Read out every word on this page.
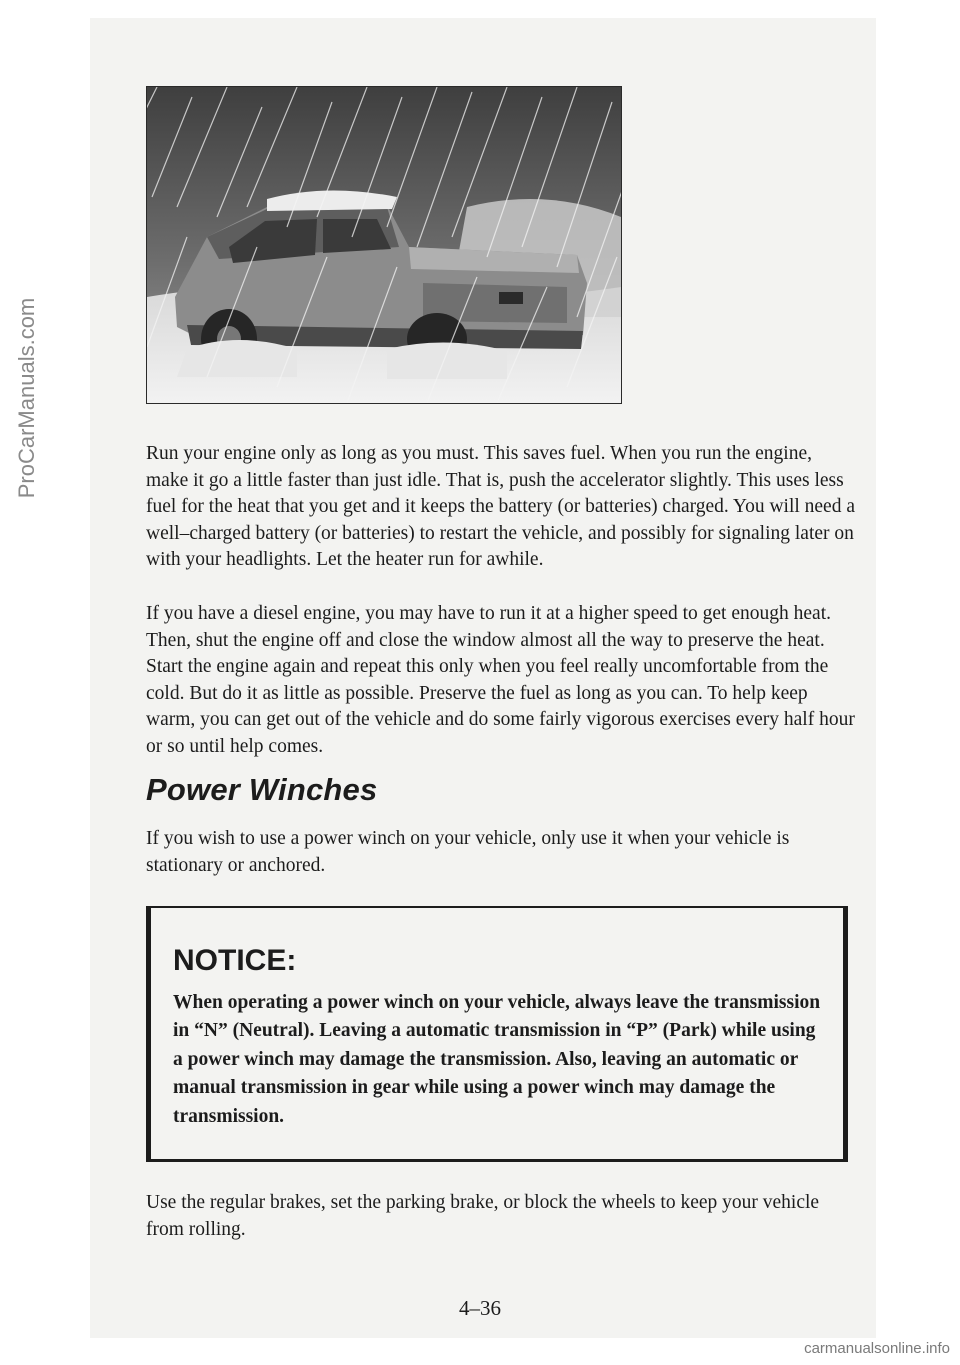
Run your engine only as long as you must. This saves fuel. When you run the engine, make it go a little faster than just idle. That is, push the accelerator slightly. This uses less fuel for the heat that you get and it keeps the battery (or batteries) charged. You will need a well–charged battery (or batteries) to restart the vehicle, and possibly for signaling later on with your headlights. Let the heater run for awhile.

If you have a diesel engine, you may have to run it at a higher speed to get enough heat. Then, shut the engine off and close the window almost all the way to preserve the heat. Start the engine again and repeat this only when you feel really uncomfortable from the cold. But do it as little as possible. Preserve the fuel as long as you can. To help keep warm, you can get out of the vehicle and do some fairly vigorous exercises every half hour or so until help comes.

Power Winches

If you wish to use a power winch on your vehicle, only use it when your vehicle is stationary or anchored.

NOTICE:

When operating a power winch on your vehicle, always leave the transmission in “N” (Neutral). Leaving a automatic transmission in “P” (Park) while using a power winch may damage the transmission. Also, leaving an automatic or manual transmission in gear while using a power winch may damage the transmission.

Use the regular brakes, set the parking brake, or block the wheels to keep your vehicle from rolling.

4–36
ProCarManuals.com
carmanualsonline.info
